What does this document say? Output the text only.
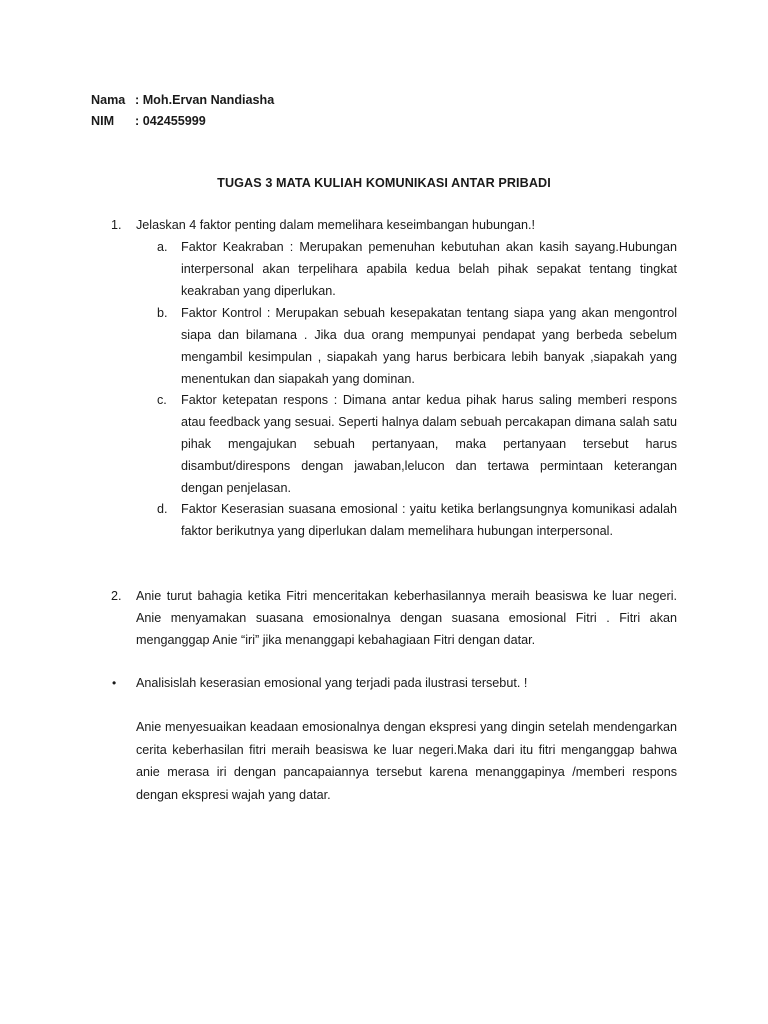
Nama : Moh.Ervan Nandiasha
NIM : 042455999
TUGAS 3 MATA KULIAH KOMUNIKASI ANTAR PRIBADI
1. Jelaskan 4 faktor penting dalam memelihara keseimbangan hubungan.!
a. Faktor Keakraban : Merupakan pemenuhan kebutuhan akan kasih sayang.Hubungan interpersonal akan terpelihara apabila kedua belah pihak sepakat tentang tingkat keakraban yang diperlukan.
b. Faktor Kontrol : Merupakan sebuah kesepakatan tentang siapa yang akan mengontrol siapa dan bilamana . Jika dua orang mempunyai pendapat yang berbeda sebelum mengambil kesimpulan , siapakah yang harus berbicara lebih banyak ,siapakah yang menentukan dan siapakah yang dominan.
c. Faktor ketepatan respons : Dimana antar kedua pihak harus saling memberi respons atau feedback yang sesuai. Seperti halnya dalam sebuah percakapan dimana salah satu pihak mengajukan sebuah pertanyaan, maka pertanyaan tersebut harus disambut/direspons dengan jawaban,lelucon dan tertawa permintaan keterangan dengan penjelasan.
d. Faktor Keserasian suasana emosional : yaitu ketika berlangsungnya komunikasi adalah faktor berikutnya yang diperlukan dalam memelihara hubungan interpersonal.
2. Anie turut bahagia ketika Fitri menceritakan keberhasilannya meraih beasiswa ke luar negeri. Anie menyamakan suasana emosionalnya dengan suasana emosional Fitri . Fitri akan menganggap Anie “iri” jika menanggapi kebahagiaan Fitri dengan datar.
• Analisislah keserasian emosional yang terjadi pada ilustrasi tersebut. !
Anie menyesuaikan keadaan emosionalnya dengan ekspresi yang dingin setelah mendengarkan cerita keberhasilan fitri meraih beasiswa ke luar negeri.Maka dari itu fitri menganggap bahwa anie merasa iri dengan pancapaiannya tersebut karena menanggapinya /memberi respons dengan ekspresi wajah yang datar.
